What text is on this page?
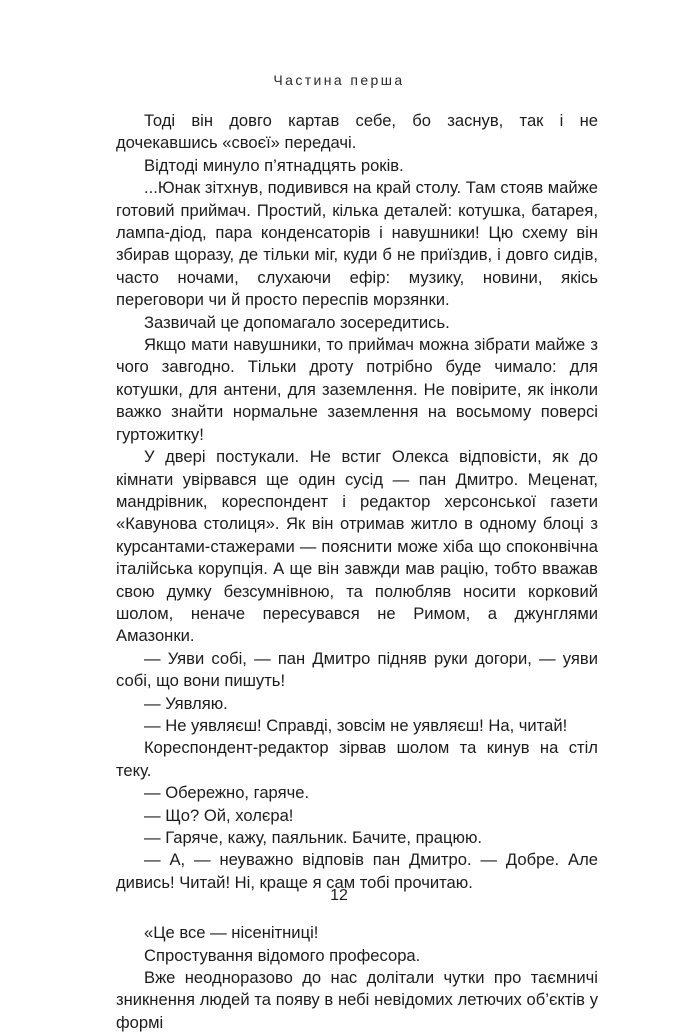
Частина перша

Тоді він довго картав себе, бо заснув, так і не дочекавшись «своєї» передачі.

Відтоді минуло п’ятнадцять років.

...Юнак зітхнув, подивився на край столу. Там стояв майже готовий приймач. Простий, кілька деталей: котушка, батарея, лампа-діод, пара конденсаторів і навушники! Цю схему він збирав щоразу, де тільки міг, куди б не приїздив, і довго сидів, часто ночами, слухаючи ефір: музику, новини, якісь переговори чи й просто переспів морзянки.

Зазвичай це допомагало зосередитись.

Якщо мати навушники, то приймач можна зібрати майже з чого завгодно. Тільки дроту потрібно буде чимало: для котушки, для антени, для заземлення. Не повірите, як інколи важко знайти нормальне заземлення на восьмому поверсі гуртожитку!

У двері постукали. Не встиг Олекса відповісти, як до кімнати увірвався ще один сусід — пан Дмитро. Меценат, мандрівник, кореспондент і редактор херсонської газети «Кавунова столиця». Як він отримав житло в одному блоці з курсантами-стажерами — пояснити може хіба що споконвічна італійська корупція. А ще він завжди мав рацію, тобто вважав свою думку безсумнівною, та полюбляв носити корковий шолом, неначе пересувався не Римом, а джунглями Амазонки.

— Уяви собі, — пан Дмитро підняв руки догори, — уяви собі, що вони пишуть!

— Уявляю.

— Не уявляєш! Справді, зовсім не уявляєш! На, читай!

Кореспондент-редактор зірвав шолом та кинув на стіл теку.

— Обережно, гаряче.

— Що? Ой, холєра!

— Гаряче, кажу, паяльник. Бачите, працюю.

— А, — неуважно відповів пан Дмитро. — Добре. Але дивись! Читай! Ні, краще я сам тобі прочитаю.

«Це все — нісенітниці!

Спростування відомого професора.

Вже неодноразово до нас долітали чутки про таємничі зникнення людей та появу в небі невідомих летючих об’єктів у формі

12
